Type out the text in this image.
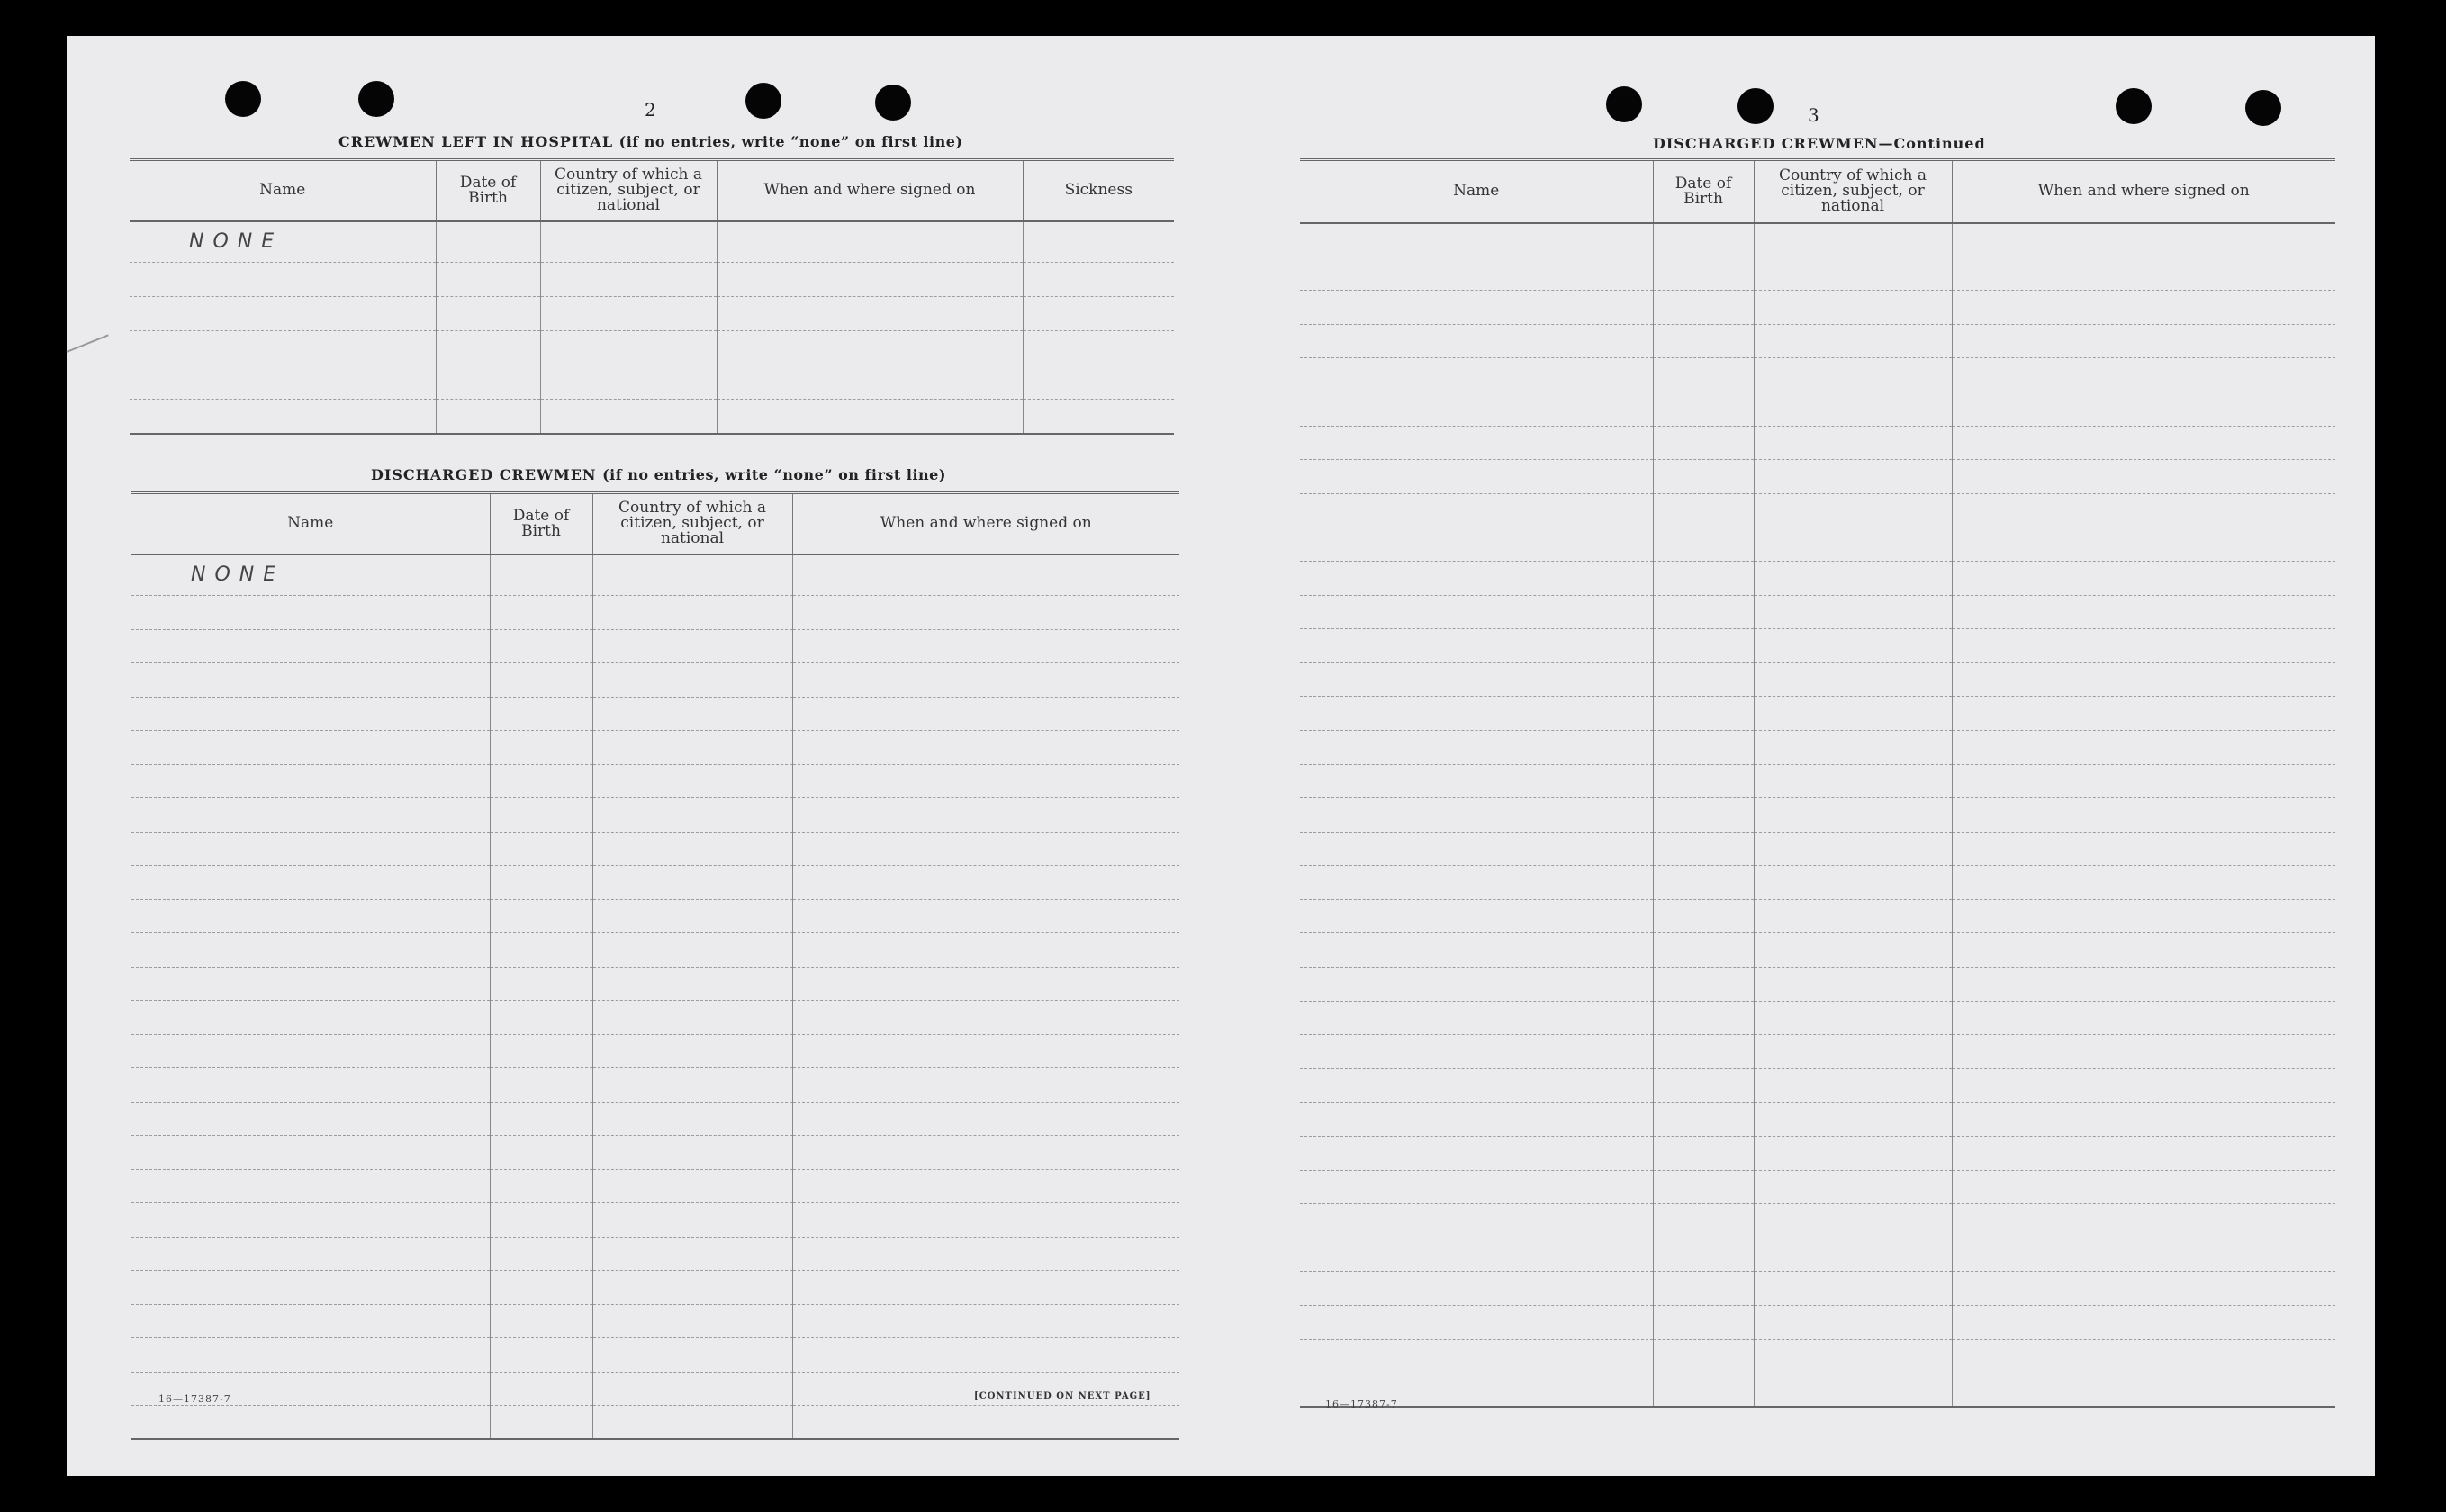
2
CREWMEN LEFT IN HOSPITAL (if no entries, write “none” on first line)
Name	Date of Birth	Country of which a citizen, subject, or national	When and where signed on	Sickness
NONE				

DISCHARGED CREWMEN (if no entries, write “none” on first line)
Name	Date of Birth	Country of which a citizen, subject, or national	When and where signed on
NONE			

16—17387-7	[CONTINUED ON NEXT PAGE]
3
DISCHARGED CREWMEN—Continued
Name	Date of Birth	Country of which a citizen, subject, or national	When and where signed on

16—17387-7
